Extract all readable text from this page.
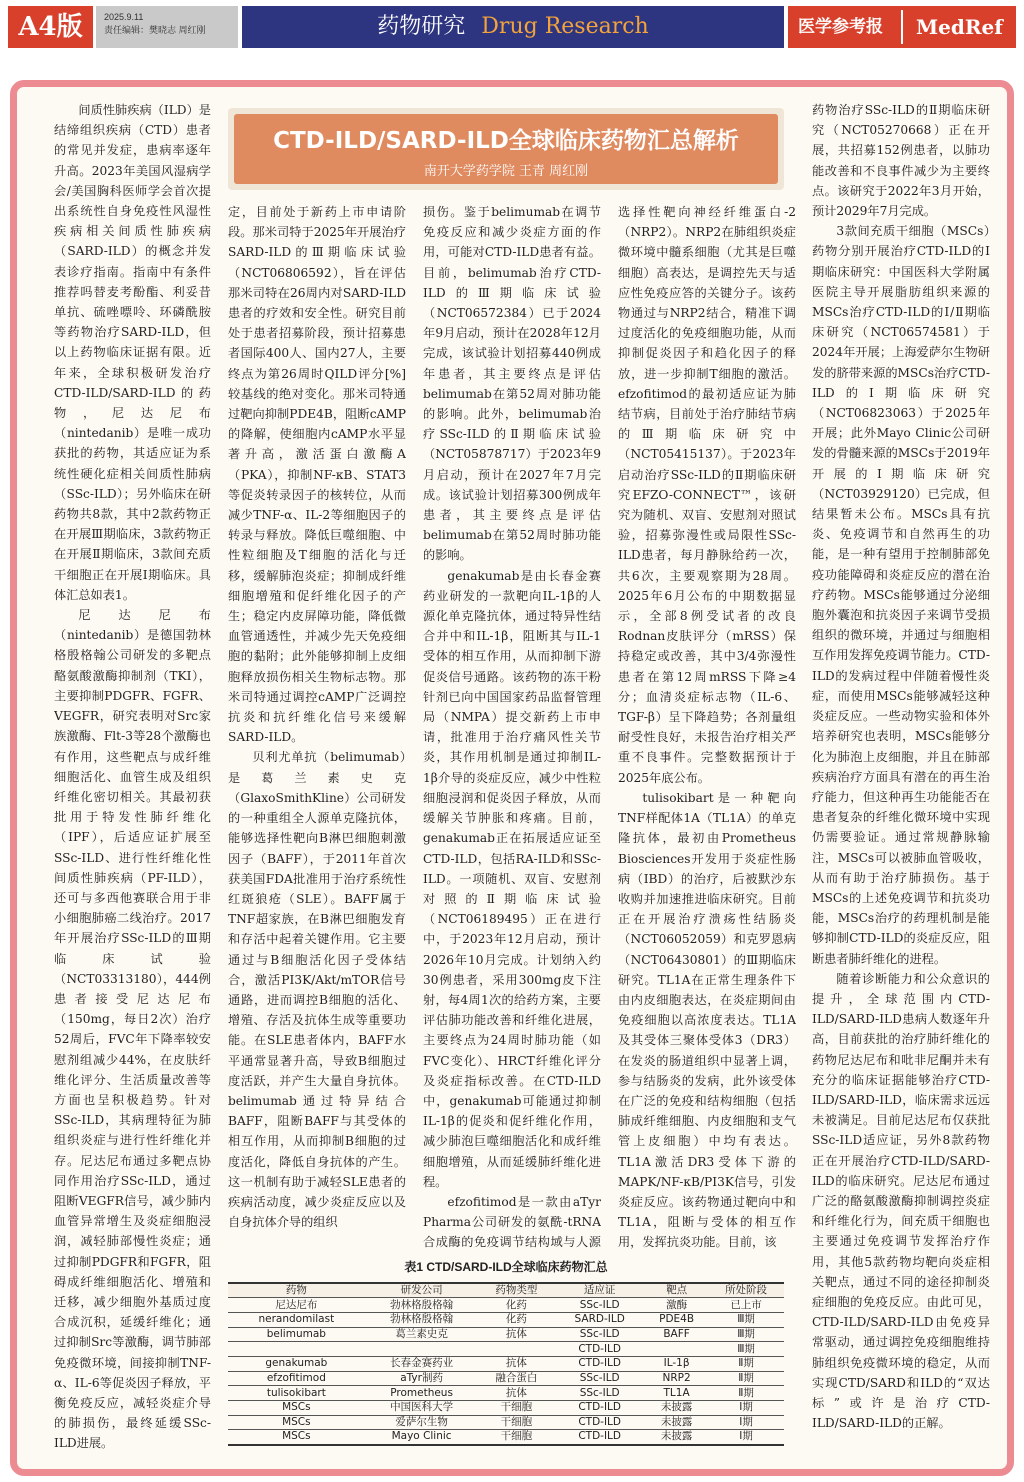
A4版	2025.9.11
责任编辑：樊晓志 周红刚	药物研究 Drug Research	医学参考报 MedRef
CTD-ILD/SARD-ILD全球临床药物汇总解析
南开大学药学院 王青 周红刚

间质性肺疾病（ILD）是结缔组织疾病（CTD）患者的常见并发症，患病率逐年升高。2023年美国风湿病学会/美国胸科医师学会首次提出系统性自身免疫性风湿性疾病相关间质性肺疾病（SARD-ILD）的概念并发表诊疗指南。指南中有条件推荐吗替麦考酚酯、利妥昔单抗、硫唑嘌呤、环磷酰胺等药物治疗SARD-ILD，但以上药物临床证据有限。近年来，全球积极研发治疗CTD-ILD/SARD-ILD的药物，尼达尼布（nintedanib）是唯一成功获批的药物，其适应证为系统性硬化症相关间质性肺病（SSc-ILD）；另外临床在研药物共8款，其中2款药物正在开展Ⅲ期临床，3款药物正在开展Ⅱ期临床，3款间充质干细胞正在开展Ⅰ期临床。具体汇总如表1。

尼达尼布（nintedanib）是德国勃林格殷格翰公司研发的多靶点酪氨酸激酶抑制剂（TKI），主要抑制PDGFR、FGFR、VEGFR，研究表明对Src家族激酶、Flt-3等28个激酶也有作用，这些靶点与成纤维细胞活化、血管生成及组织纤维化密切相关。其最初获批用于特发性肺纤维化（IPF），后适应证扩展至SSc-ILD、进行性纤维化性间质性肺疾病（PF-ILD），还可与多西他赛联合用于非小细胞肺癌二线治疗。2017年开展治疗SSc-ILD的Ⅲ期临床试验（NCT03313180），444例患者接受尼达尼布（150mg，每日2次）治疗52周后，FVC年下降率较安慰剂组减少44%，在皮肤纤维化评分、生活质量改善等方面也呈积极趋势。针对SSc-ILD，其病理特征为肺组织炎症与进行性纤维化并存。尼达尼布通过多靶点协同作用治疗SSc-ILD，通过阻断VEGFR信号，减少肺内血管异常增生及炎症细胞浸润，减轻肺部慢性炎症；通过抑制PDGFR和FGFR，阻碍成纤维细胞活化、增殖和迁移，减少细胞外基质过度合成沉积，延缓纤维化；通过抑制Src等激酶，调节肺部免疫微环境，间接抑制TNF-α、IL-6等促炎因子释放，平衡免疫反应，减轻炎症介导的肺损伤，最终延缓SSc-ILD进展。

定，目前处于新药上市申请阶段。那米司特于2025年开展治疗SARD-ILD的Ⅲ期临床试验（NCT06806592），旨在评估那米司特在26周内对SARD-ILD患者的疗效和安全性。研究目前处于患者招募阶段，预计招募患者国际400人、国内27人，主要终点为第26周时QILD评分[%]较基线的绝对变化。那米司特通过靶向抑制PDE4B，阻断cAMP的降解，使细胞内cAMP水平显著升高，激活蛋白激酶A（PKA），抑制NF-κB、STAT3等促炎转录因子的核转位，从而减少TNF-α、IL-2等细胞因子的转录与释放。降低巨噬细胞、中性粒细胞及T细胞的活化与迁移，缓解肺泡炎症；抑制成纤维细胞增殖和促纤维化因子的产生；稳定内皮屏障功能，降低微血管通透性，并减少先天免疫细胞的黏附；此外能够抑制上皮细胞释放损伤相关生物标志物。那米司特通过调控cAMP广泛调控抗炎和抗纤维化信号来缓解SARD-ILD。

贝利尤单抗（belimumab）是葛兰素史克（GlaxoSmithKline）公司研发的一种重组全人源单克隆抗体，能够选择性靶向B淋巴细胞刺激因子（BAFF），于2011年首次获美国FDA批准用于治疗系统性红斑狼疮（SLE）。BAFF属于TNF超家族，在B淋巴细胞发育和存活中起着关键作用。它主要通过与B细胞活化因子受体结合，激活PI3K/Akt/mTOR信号通路，进而调控B细胞的活化、增殖、存活及抗体生成等重要功能。在SLE患者体内，BAFF水平通常显著升高，导致B细胞过度活跃，并产生大量自身抗体。belimumab通过特异结合BAFF，阻断BAFF与其受体的相互作用，从而抑制B细胞的过度活化，降低自身抗体的产生。这一机制有助于减轻SLE患者的疾病活动度，减少炎症反应以及自身抗体介导的组织

损伤。鉴于belimumab在调节免疫反应和减少炎症方面的作用，可能对CTD-ILD患者有益。目前，belimumab治疗CTD-ILD的Ⅲ期临床试验（NCT06572384）已于2024年9月启动，预计在2028年12月完成，该试验计划招募440例成年患者，其主要终点是评估belimumab在第52周对肺功能的影响。此外，belimumab治疗SSc-ILD的Ⅱ期临床试验（NCT05878717）于2023年9月启动，预计在2027年7月完成。该试验计划招募300例成年患者，其主要终点是评估belimumab在第52周时肺功能的影响。

genakumab是由长春金赛药业研发的一款靶向IL-1β的人源化单克隆抗体，通过特异性结合并中和IL-1β，阻断其与IL-1受体的相互作用，从而抑制下游促炎信号通路。该药物的冻干粉针剂已向中国国家药品监督管理局（NMPA）提交新药上市申请，批准用于治疗痛风性关节炎，其作用机制是通过抑制IL-1β介导的炎症反应，减少中性粒细胞浸润和促炎因子释放，从而缓解关节肿胀和疼痛。目前，genakumab正在拓展适应证至CTD-ILD，包括RA-ILD和SSc-ILD。一项随机、双盲、安慰剂对照的Ⅱ期临床试验（NCT06189495）正在进行中，于2023年12月启动，预计2026年10月完成。计划纳入约30例患者，采用300mg皮下注射，每4周1次的给药方案，主要评估肺功能改善和纤维化进展，主要终点为24周时肺功能（如FVC变化）、HRCT纤维化评分及炎症指标改善。在CTD-ILD中，genakumab可能通过抑制IL-1β的促炎和促纤维化作用，减少肺泡巨噬细胞活化和成纤维细胞增殖，从而延缓肺纤维化进程。

efzofitimod是一款由aTyr Pharma公司研发的氨酰-tRNA合成酶的免疫调节结构域与人源

选择性靶向神经纤维蛋白-2（NRP2）。NRP2在肺组织炎症微环境中髓系细胞（尤其是巨噬细胞）高表达，是调控先天与适应性免疫应答的关键分子。该药物通过与NRP2结合，精准下调过度活化的免疫细胞功能，从而抑制促炎因子和趋化因子的释放，进一步抑制T细胞的激活。efzofitimod的最初适应证为肺结节病，目前处于治疗肺结节病的Ⅲ期临床研究中（NCT05415137）。于2023年启动治疗SSc-ILD的Ⅱ期临床研究EFZO-CONNECT™，该研究为随机、双盲、安慰剂对照试验，招募弥漫性或局限性SSc-ILD患者，每月静脉给药一次，共6次，主要观察期为28周。2025年6月公布的中期数据显示，全部8例受试者的改良Rodnan皮肤评分（mRSS）保持稳定或改善，其中3/4弥漫性患者在第12周mRSS下降≥4分；血清炎症标志物（IL-6、TGF-β）呈下降趋势；各剂量组耐受性良好，未报告治疗相关严重不良事件。完整数据预计于2025年底公布。

tulisokibart是一种靶向TNF样配体1A（TL1A）的单克隆抗体，最初由Prometheus Biosciences开发用于炎症性肠病（IBD）的治疗，后被默沙东收购并加速推进临床研究。目前正在开展治疗溃疡性结肠炎（NCT06052059）和克罗恩病（NCT06430801）的Ⅲ期临床研究。TL1A在正常生理条件下由内皮细胞表达，在炎症期间由免疫细胞以高浓度表达。TL1A及其受体三聚体受体3（DR3）在发炎的肠道组织中显著上调，参与结肠炎的发病，此外该受体在广泛的免疫和结构细胞（包括肺成纤维细胞、内皮细胞和支气管上皮细胞）中均有表达。TL1A激活DR3受体下游的MAPK/NF-κB/PI3K信号，引发炎症反应。该药物通过靶向中和TL1A，阻断与受体的相互作用，发挥抗炎功能。目前，该

药物治疗SSc-ILD的Ⅱ期临床研究（NCT05270668）正在开展，共招募152例患者，以肺功能改善和不良事件减少为主要终点。该研究于2022年3月开始，预计2029年7月完成。

3款间充质干细胞（MSCs）药物分别开展治疗CTD-ILD的Ⅰ期临床研究：中国医科大学附属医院主导开展脂肪组织来源的MSCs治疗CTD-ILD的Ⅰ/Ⅱ期临床研究（NCT06574581）于2024年开展；上海爱萨尔生物研发的脐带来源的MSCs治疗CTD-ILD的Ⅰ期临床研究（NCT06823063）于2025年开展；此外Mayo Clinic公司研发的骨髓来源的MSCs于2019年开展的Ⅰ期临床研究（NCT03929120）已完成，但结果暂未公布。MSCs具有抗炎、免疫调节和自然再生的功能，是一种有望用于控制肺部免疫功能障碍和炎症反应的潜在治疗药物。MSCs能够通过分泌细胞外囊泡和抗炎因子来调节受损组织的微环境，并通过与细胞相互作用发挥免疫调节能力。CTD-ILD的发病过程中伴随着慢性炎症，而使用MSCs能够减轻这种炎症反应。一些动物实验和体外培养研究也表明，MSCs能够分化为肺泡上皮细胞，并且在肺部疾病治疗方面具有潜在的再生治疗能力，但这种再生功能能否在患者复杂的纤维化微环境中实现仍需要验证。通过常规静脉输注，MSCs可以被肺血管吸收，从而有助于治疗肺损伤。基于MSCs的上述免疫调节和抗炎功能，MSCs治疗的药理机制是能够抑制CTD-ILD的炎症反应，阻断患者肺纤维化的进程。

随着诊断能力和公众意识的提升，全球范围内CTD-ILD/SARD-ILD患病人数逐年升高，目前获批的治疗肺纤维化的药物尼达尼布和吡非尼酮并未有充分的临床证据能够治疗CTD-ILD/SARD-ILD，临床需求远远未被满足。目前尼达尼布仅获批SSc-ILD适应证，另外8款药物正在开展治疗CTD-ILD/SARD-ILD的临床研究。尼达尼布通过广泛的酪氨酸激酶抑制调控炎症和纤维化行为，间充质干细胞也主要通过免疫调节发挥治疗作用，其他5款药物均靶向炎症相关靶点，通过不同的途径抑制炎症细胞的免疫反应。由此可见，CTD-ILD/SARD-ILD由免疫异常驱动，通过调控免疫细胞维持肺组织免疫微环境的稳定，从而实现CTD/SARD和ILD的“双达标”或许是治疗CTD-ILD/SARD-ILD的正解。

表1 CTD/SARD-ILD全球临床药物汇总
药物	研发公司	药物类型	适应证	靶点	所处阶段
尼达尼布	勃林格殷格翰	化药	SSc-ILD	激酶	已上市
nerandomilast	勃林格殷格翰	化药	SARD-ILD	PDE4B	Ⅲ期
belimumab	葛兰素史克	抗体	SSc-ILD	BAFF	Ⅲ期
			CTD-ILD		Ⅲ期
genakumab	长春金赛药业	抗体	CTD-ILD	IL-1β	Ⅱ期
efzofitimod	aTyr制药	融合蛋白	SSc-ILD	NRP2	Ⅱ期
tulisokibart	Prometheus	抗体	SSc-ILD	TL1A	Ⅱ期
MSCs	中国医科大学	干细胞	CTD-ILD	未披露	Ⅰ期
MSCs	爱萨尔生物	干细胞	CTD-ILD	未披露	Ⅰ期
MSCs	Mayo Clinic	干细胞	CTD-ILD	未披露	Ⅰ期
